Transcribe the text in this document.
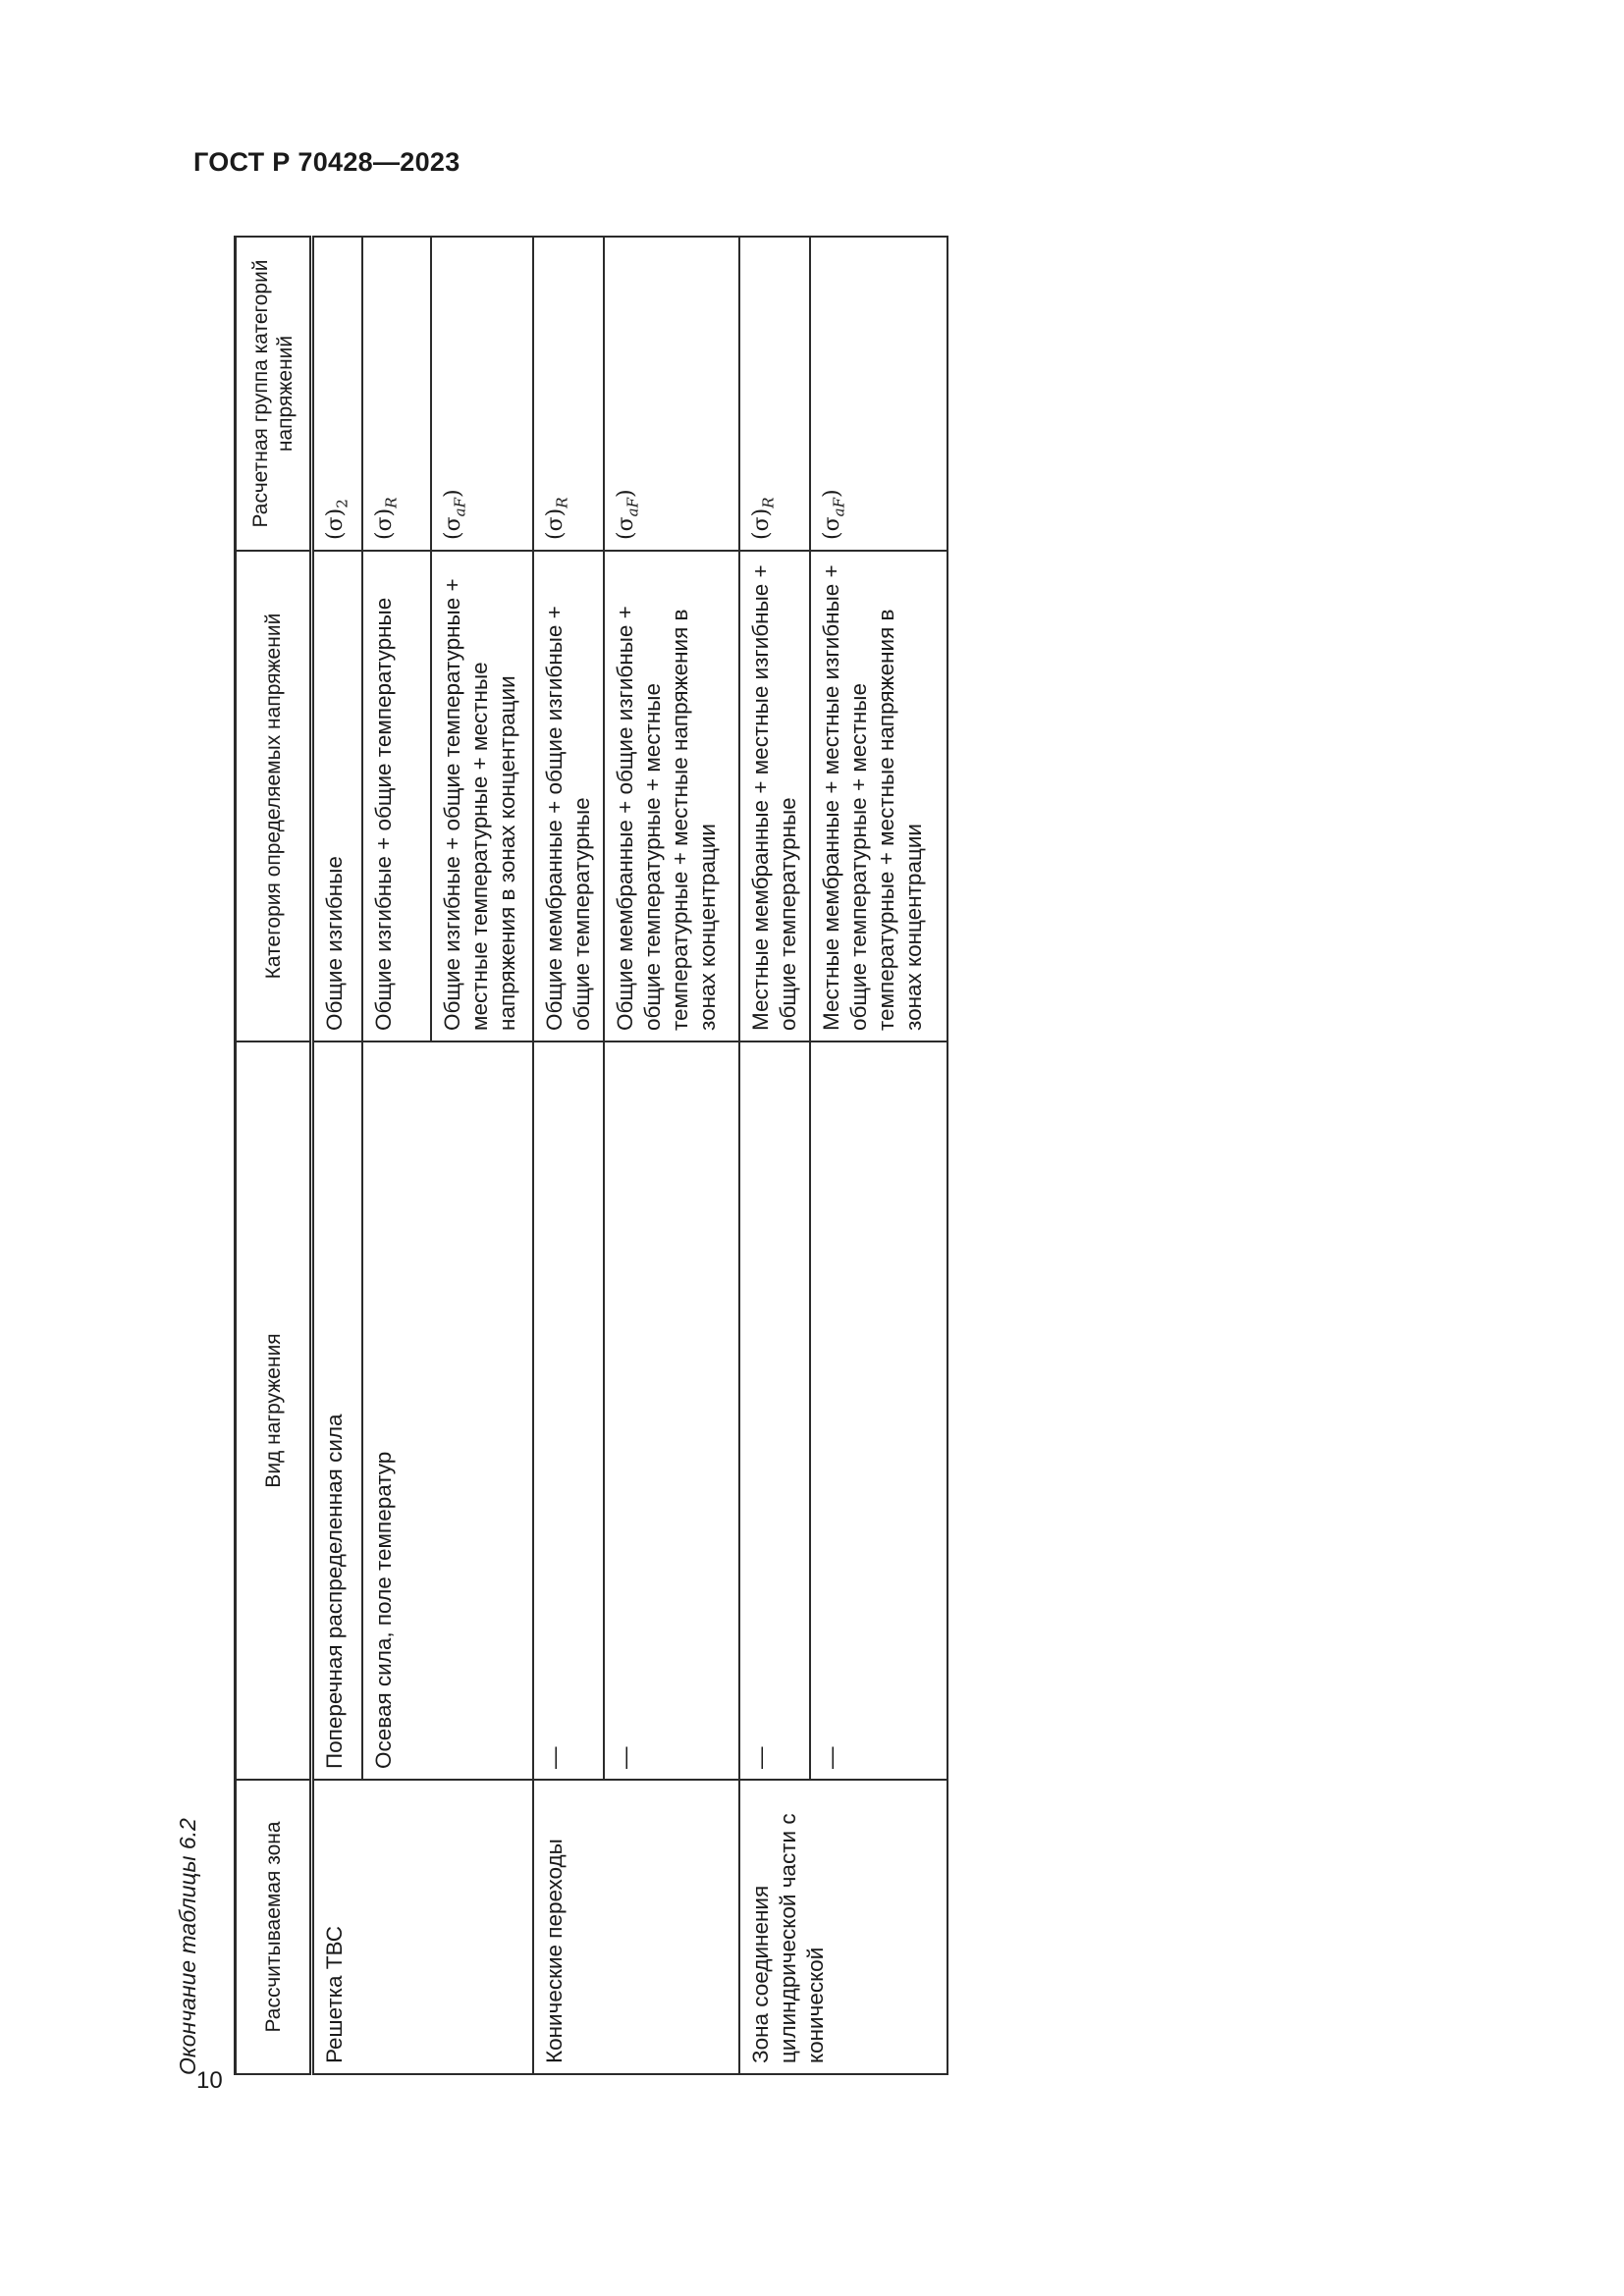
ГОСТ Р 70428—2023
Окончание таблицы 6.2	Рассчитываемая зона	Вид нагружения	Категория определяемых напряжений	Расчетная группа категорий напряжений
Решетка ТВС	Поперечная распределенная сила	Общие изгибные	$(\sigma)_2$
	Осевая сила, поле температур	Общие изгибные + общие температурные	$(\sigma)_R$
		Общие изгибные + общие температурные + местные температурные + местные напряжения в зонах концентрации	$(\sigma_{aF})$
Конические переходы	—	Общие мембранные + общие изгибные + общие температурные	$(\sigma)_R$
	—	Общие мембранные + общие изгибные + общие температурные + местные температурные + местные напряжения в зонах концентрации	$(\sigma_{aF})$
Зона соединения цилиндрической части с конической	—	Местные мембранные + местные изгибные + общие температурные	$(\sigma)_R$
	—	Местные мембранные + местные изгибные + общие температурные + местные температурные + местные напряжения в зонах концентрации	$(\sigma_{aF})$
10
